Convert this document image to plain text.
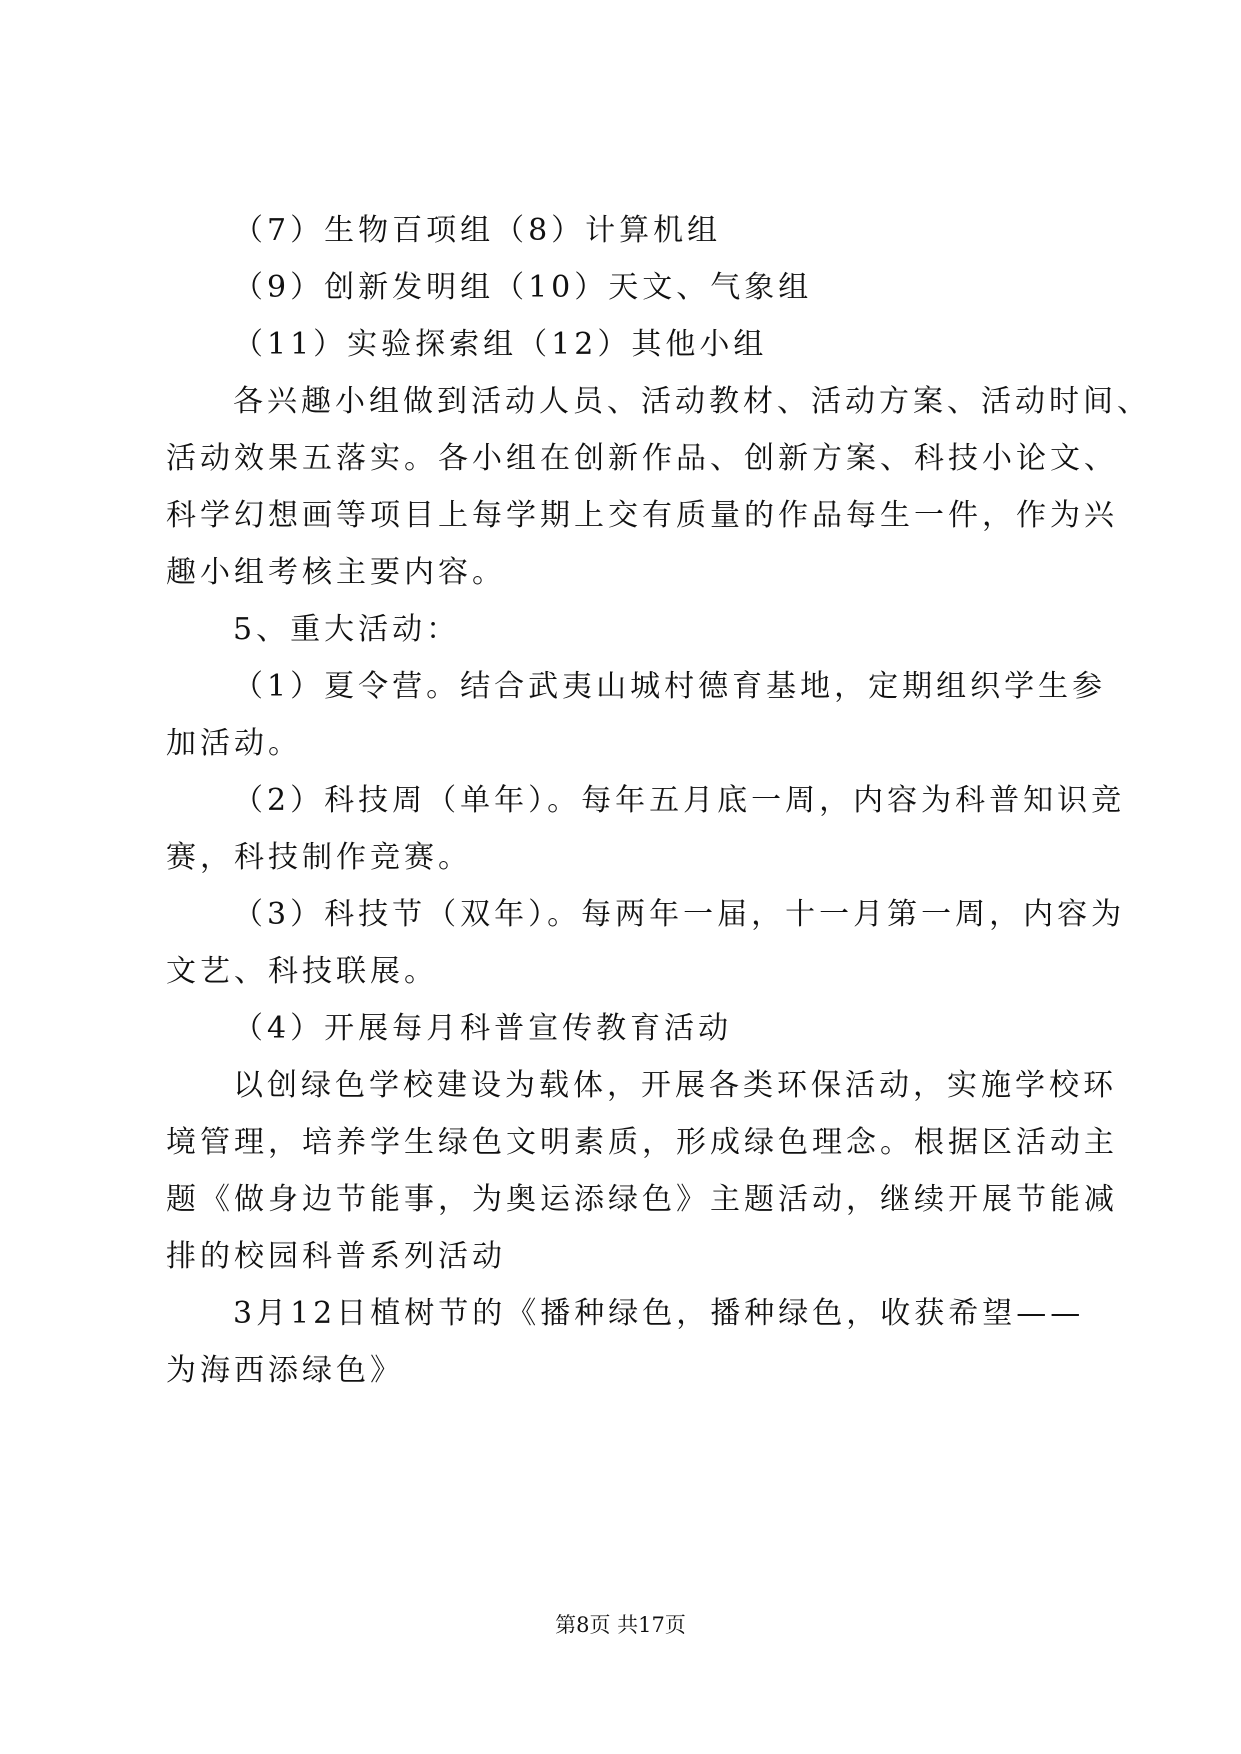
（7）生物百项组（8）计算机组

（9）创新发明组（10）天文、气象组

（11）实验探索组（12）其他小组

各兴趣小组做到活动人员、活动教材、活动方案、活动时间、

活动效果五落实。各小组在创新作品、创新方案、科技小论文、

科学幻想画等项目上每学期上交有质量的作品每生一件，作为兴

趣小组考核主要内容。

5、重大活动：

（1）夏令营。结合武夷山城村德育基地，定期组织学生参

加活动。

（2）科技周（单年）。每年五月底一周，内容为科普知识竞

赛，科技制作竞赛。

（3）科技节（双年）。每两年一届，十一月第一周，内容为

文艺、科技联展。

（4）开展每月科普宣传教育活动

以创绿色学校建设为载体，开展各类环保活动，实施学校环

境管理，培养学生绿色文明素质，形成绿色理念。根据区活动主

题《做身边节能事，为奥运添绿色》主题活动，继续开展节能减

排的校园科普系列活动

3月12日植树节的《播种绿色，播种绿色，收获希望——

为海西添绿色》

第8页 共17页
